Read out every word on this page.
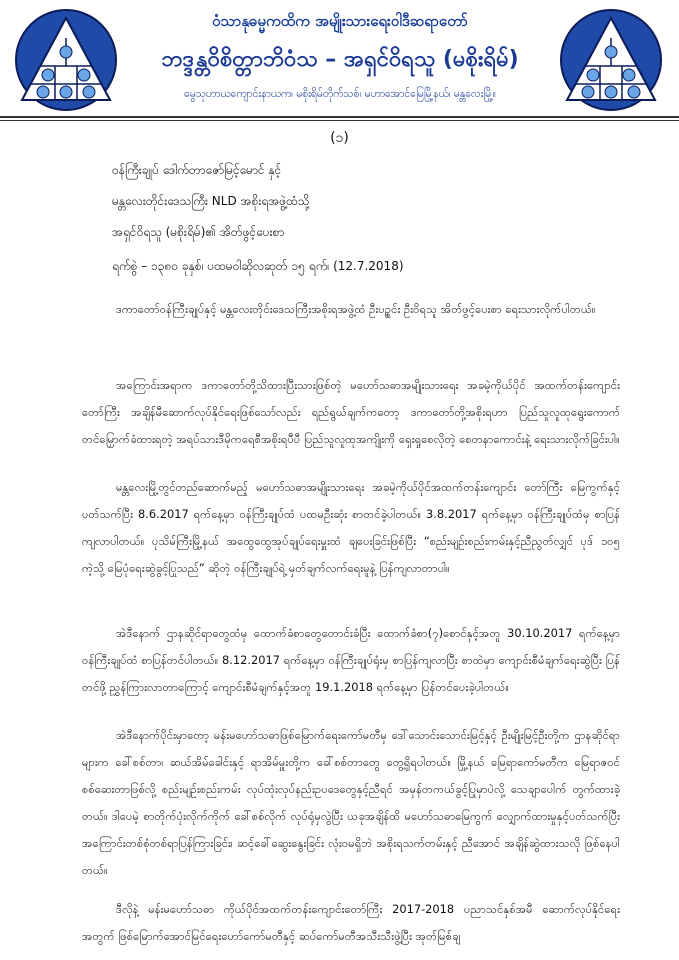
ဝံသာနုဓမ္မကထိက အမျိုးသားရေးဝါဒီဆရာတော်
ဘဒ္ဒန္တဝိစိတ္တာဘိဝံသ – အရှင်ဝိရသူ (မစိုးရိမ်)
မွေသုဟာယကျောင်းနာယက၊ မစိုးရိမ်တိုက်သစ်၊ မဟာအောင်မြေမြို့နယ်၊ မန္တလေးမြို့။
(၁)
ဝန်ကြီးချုပ် ဒေါက်တာဇော်မြင့်မောင် နှင့်
မန္တလေးတိုင်းဒေသကြီး NLD အစိုးရအဖွဲ့ထံသို့
အရှင်ဝိရသူ (မစိုးရိမ်)၏ အိတ်ဖွင့်ပေးစာ
ရက်စွဲ – ၁၃၈၀ ခုနှစ်၊ ပထမဝါဆိုလဆုတ် ၁၅ ရက်၊ (12.7.2018)
ဒကာတော်ဝန်ကြီးချုပ်နှင့် မန္တလေးတိုင်းဒေသကြီးအစိုးရအဖွဲ့ထံ ဦးပဥ္စင်း ဦးဝိရသူ အိတ်ဖွင့်ပေးစာ ရေးသားလိုက်ပါတယ်။
အကြောင်းအရာက ဒကာတော်တို့သိထားပြီးသားဖြစ်တဲ့ မဟော်သဓာအမျိုးသားရေး အခမဲ့ကိုယ်ပိုင် အထက်တန်းကျောင်းတော်ကြီး အချိန်မီဆောက်လုပ်နိုင်ရေးဖြစ်သော်လည်း ရည်ရွယ်ချက်ကတော့ ဒကာတော်တို့အစိုးရဟာ ပြည်သူလူထုရွေးကောက်တင်မြှောက်ခံထားရတဲ့ အရပ်သားဒီမိုကရေစီအစိုးရပီပီ ပြည်သူလူထုအကျိုးကို ရှေးရှုစေလိုတဲ့ စေတနာကောင်းနဲ့ ရေးသားလိုက်ခြင်းပါ။
မန္တလေးမြို့တွင်တည်ဆောက်မည့် မဟော်သဓာအမျိုးသားရေး အခမဲ့ကိုယ်ပိုင်အထက်တန်းကျောင်း တော်ကြီး မြေကွက်နှင့်ပတ်သက်ပြီး 8.6.2017 ရက်နေ့မှာ ဝန်ကြီးချုပ်ထံ ပထမဦးဆုံး စာတင်ခဲ့ပါတယ်။ 3.8.2017 ရက်နေ့မှာ ဝန်ကြီးချုပ်ထံမှ စာပြန်ကျလာပါတယ်။ ပုသိမ်ကြီးမြို့နယ် အထွေထွေအုပ်ချုပ်ရေးမှူးထံ ချပေးခြင်းဖြစ်ပြီး “စည်းမျဉ်းစည်းကမ်းနှင့်ညီညွတ်လျှင် ပုဒ် ၁၀၅ ကဲ့သို့ မြေပုံရေးဆွဲခွင့်ပြုသည်” ဆိုတဲ့ ဝန်ကြီးချုပ်ရဲ့ မှတ်ချက်လက်ရေးမူနဲ့ ပြန်ကျလာတာပါ။
အဲဒီနောက် ဌာနဆိုင်ရာတွေထံမှ ထောက်ခံစာတွေတောင်းခံပြီး ထောက်ခံစာ(၇)စောင်နှင့်အတူ 30.10.2017 ရက်နေ့မှာ ဝန်ကြီးချုပ်ထံ စာပြန်တင်ပါတယ်။ 8.12.2017 ရက်နေ့မှာ ဝန်ကြီးချုပ်ရုံးမှ စာပြန်ကျလာပြီး စာထဲမှာ ကျောင်းစီမံချက်ရေးဆွဲပြီး ပြန်တင်ဖို့ ညွှန်ကြားလာတာကြောင့် ကျောင်းစီမံချက်နှင့်အတူ 19.1.2018 ရက်နေ့မှာ ပြန်တင်ပေးခဲ့ပါတယ်။
အဲဒီနောက်ပိုင်းမှာတော့ မန်းမဟော်သဓာဖြစ်မြောက်ရေးကော်မတီမှ ဒေါ်သောင်းသောင်းမြင့်နှင့် ဦးမျိုးမြင့်ဦးတို့က ဌာနဆိုင်ရာများက ခေါ်စစ်တာ၊ ဆယ်အိမ်ခေါင်းနှင့် ရာအိမ်မှူးတို့က ခေါ်စစ်တာတွေ တွေ့ရှိရပါတယ်။ မြို့နယ် မြေရာကော်မတီက မြေရာဇဝင်စစ်ဆေးတာဖြစ်လို့ စည်းမျဉ်းစည်းကမ်း လုပ်ထုံးလုပ်နည်းဥပဒေတွေနှင့်ညီရင် အမှန်တကယ်ခွင့်ပြုမှာပဲလို့ သေချာပေါက် တွက်ထားခဲ့တယ်။ ဒါပေမဲ့ စာတိုက်ပုံးလိုက်ကိုက် ခေါ်စစ်လိုက် လုပ်ရုံမှလွဲပြီး ယခုအချိန်ထိ မဟော်သဓာမြေကွက် လျှောက်ထားမှုနှင့်ပတ်သက်ပြီး အကြောင်းတစ်စုံတစ်ရာပြန်ကြားခြင်း၊ ဆင့်ခေါ်ဆွေးနွေးခြင်း လုံးဝမရှိဘဲ အစိုးရသက်တမ်းနှင့် ညီအောင် အချိန်ဆွဲထားသလို ဖြစ်နေပါတယ်။
ဒီလိုနဲ့ မန်းမဟော်သဓာ ကိုယ်ပိုင်အထက်တန်းကျောင်းတော်ကြီး 2017-2018 ပညာသင်နှစ်အမီ ဆောက်လုပ်နိုင်ရေးအတွက် ဖြစ်မြောက်အောင်မြင်ရေးဟော်ကော်မတီနှင့် ဆပ်ကော်မတီအသီးသီးဖွဲ့ပြီး အုတ်မြစ်ချ
